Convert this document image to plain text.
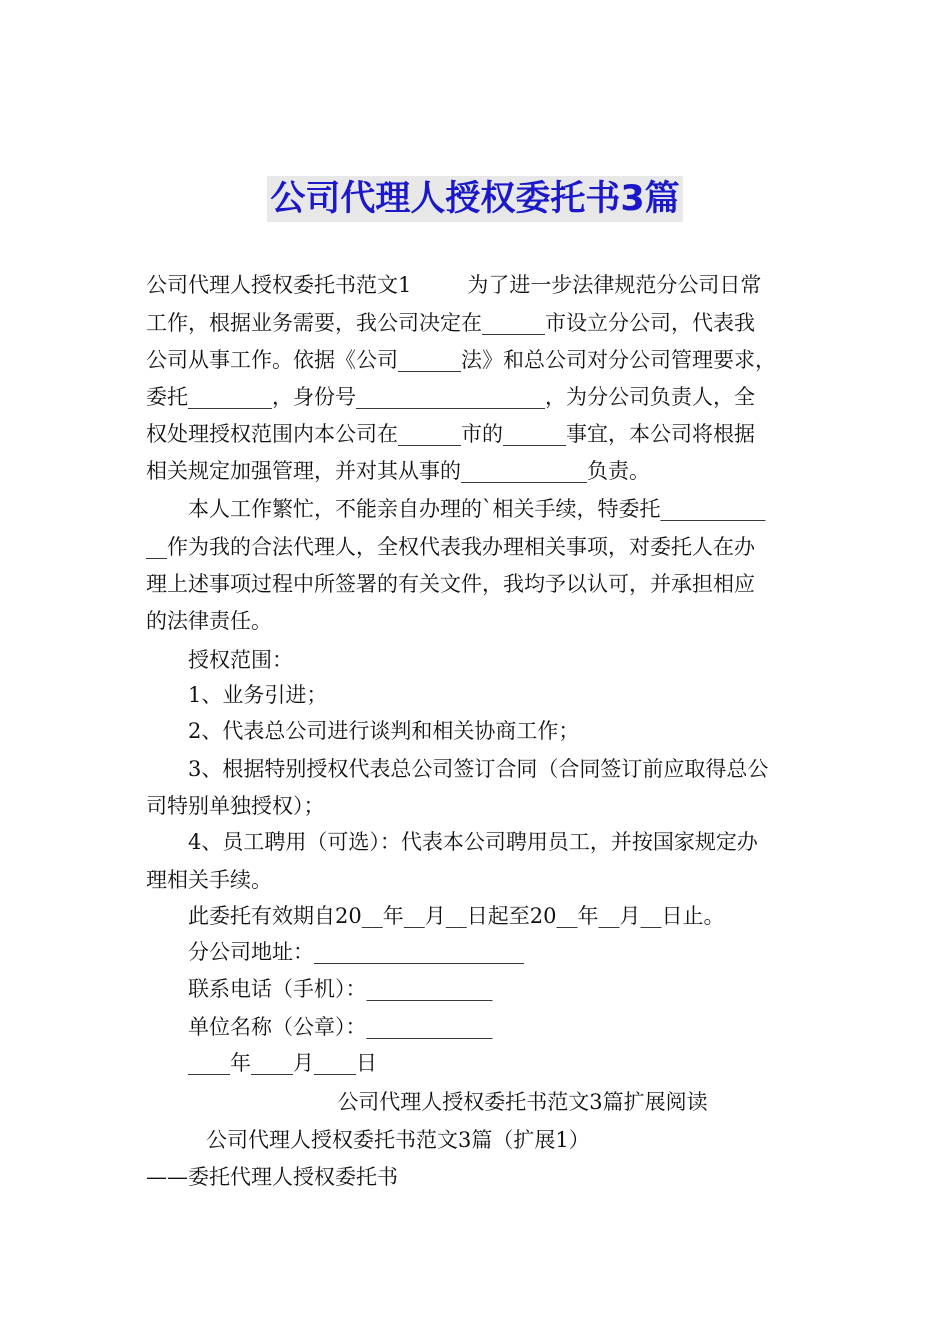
公司代理人授权委托书3篇
公司代理人授权委托书范文1	为了进一步法律规范分公司日常
工作，根据业务需要，我公司决定在______市设立分公司，代表我
公司从事工作。依据《公司______法》和总公司对分公司管理要求，
委托________，身份号__________________，为分公司负责人，全
权处理授权范围内本公司在______市的______事宜，本公司将根据
相关规定加强管理，并对其从事的____________负责。
本人工作繁忙，不能亲自办理的`相关手续，特委托__________
__作为我的合法代理人，全权代表我办理相关事项，对委托人在办
理上述事项过程中所签署的有关文件，我均予以认可，并承担相应
的法律责任。
授权范围：
1、业务引进；
2、代表总公司进行谈判和相关协商工作；
3、根据特别授权代表总公司签订合同（合同签订前应取得总公
司特别单独授权）；
4、员工聘用（可选）：代表本公司聘用员工，并按国家规定办
理相关手续。
此委托有效期自20__年__月__日起至20__年__月__日止。
分公司地址：____________________
联系电话（手机）：____________
单位名称（公章）：____________
____年____月____日
公司代理人授权委托书范文3篇扩展阅读
公司代理人授权委托书范文3篇（扩展1）
——委托代理人授权委托书
